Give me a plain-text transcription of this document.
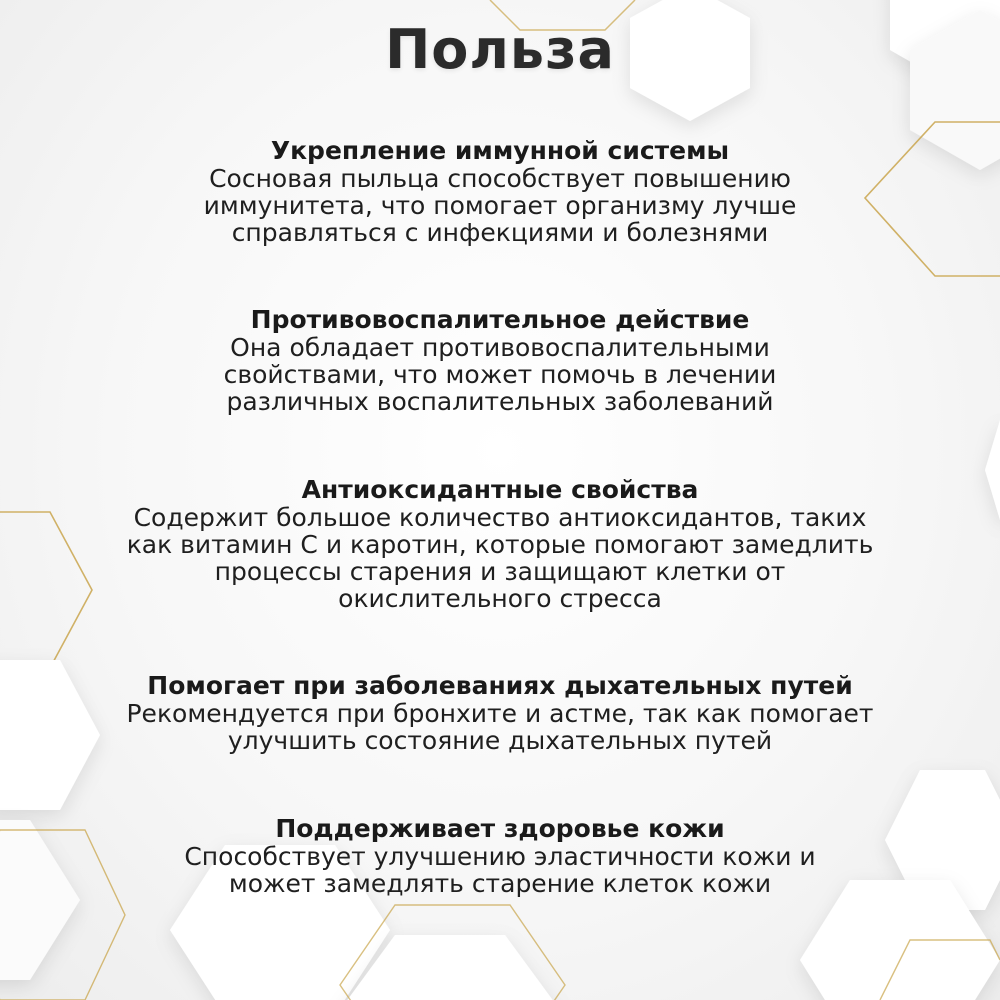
Польза
Укрепление иммунной системы
Сосновая пыльца способствует повышению иммунитета, что помогает организму лучше справляться с инфекциями и болезнями
Противовоспалительное действие
Она обладает противовоспалительными свойствами, что может помочь в лечении различных воспалительных заболеваний
Антиоксидантные свойства
Содержит большое количество антиоксидантов, таких как витамин С и каротин, которые помогают замедлить процессы старения и защищают клетки от окислительного стресса
Помогает при заболеваниях дыхательных путей
Рекомендуется при бронхите и астме, так как помогает улучшить состояние дыхательных путей
Поддерживает здоровье кожи
Способствует улучшению эластичности кожи и может замедлять старение клеток кожи
